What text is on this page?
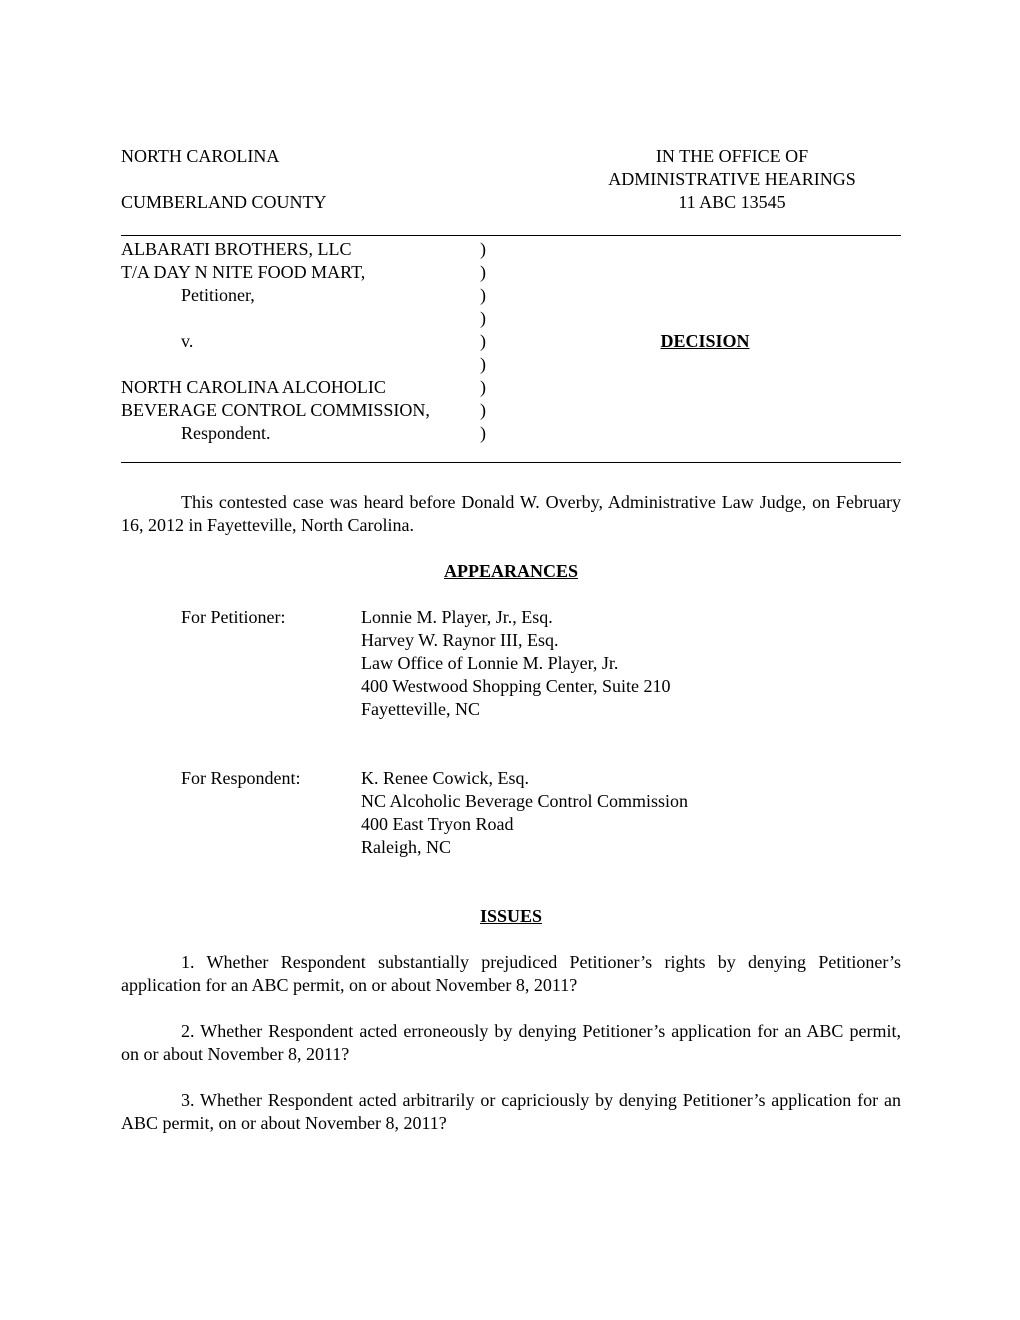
NORTH CAROLINA
CUMBERLAND COUNTY
IN THE OFFICE OF
ADMINISTRATIVE HEARINGS
11 ABC 13545
ALBARATI BROTHERS, LLC
T/A DAY N NITE FOOD MART,
Petitioner,
v.
NORTH CAROLINA ALCOHOLIC
BEVERAGE CONTROL COMMISSION,
Respondent.
)
)
)
)
)
)
)
)
)
DECISION
This contested case was heard before Donald W. Overby, Administrative Law Judge, on February 16, 2012 in Fayetteville, North Carolina.
APPEARANCES
For Petitioner:	Lonnie M. Player, Jr., Esq.
Harvey W. Raynor III, Esq.
Law Office of Lonnie M. Player, Jr.
400 Westwood Shopping Center, Suite 210
Fayetteville, NC
For Respondent:	K. Renee Cowick, Esq.
NC Alcoholic Beverage Control Commission
400 East Tryon Road
Raleigh, NC
ISSUES
1. Whether Respondent substantially prejudiced Petitioner’s rights by denying Petitioner’s application for an ABC permit, on or about November 8, 2011?
2. Whether Respondent acted erroneously by denying Petitioner’s application for an ABC permit, on or about November 8, 2011?
3. Whether Respondent acted arbitrarily or capriciously by denying Petitioner’s application for an ABC permit, on or about November 8, 2011?
